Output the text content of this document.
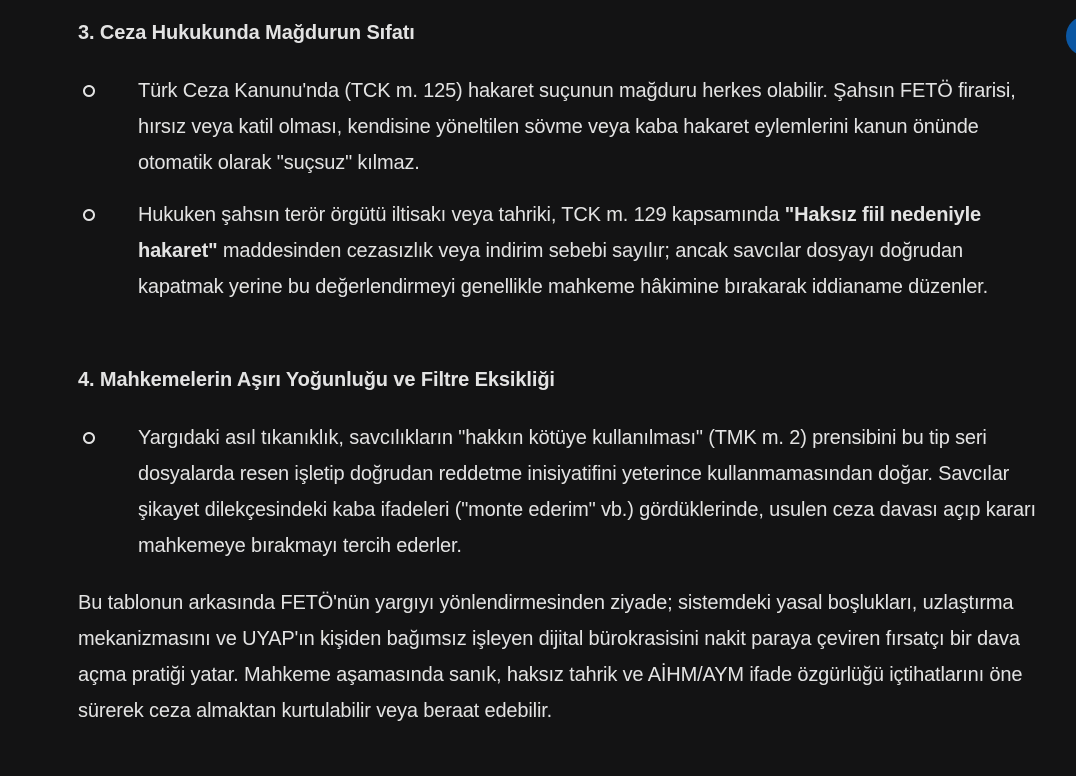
3. Ceza Hukukunda Mağdurun Sıfatı
Türk Ceza Kanunu'nda (TCK m. 125) hakaret suçunun mağduru herkes olabilir. Şahsın FETÖ firarisi, hırsız veya katil olması, kendisine yöneltilen sövme veya kaba hakaret eylemlerini kanun önünde otomatik olarak "suçsuz" kılmaz.
Hukuken şahsın terör örgütü iltisakı veya tahriki, TCK m. 129 kapsamında "Haksız fiil nedeniyle hakaret" maddesinden cezasızlık veya indirim sebebi sayılır; ancak savcılar dosyayı doğrudan kapatmak yerine bu değerlendirmeyi genellikle mahkeme hâkimine bırakarak iddianame düzenler.
4. Mahkemelerin Aşırı Yoğunluğu ve Filtre Eksikliği
Yargıdaki asıl tıkanıklık, savcılıkların "hakkın kötüye kullanılması" (TMK m. 2) prensibini bu tip seri dosyalarda resen işletip doğrudan reddetme inisiyatifini yeterince kullanmamasından doğar. Savcılar şikayet dilekçesindeki kaba ifadeleri ("monte ederim" vb.) gördüklerinde, usulen ceza davası açıp kararı mahkemeye bırakmayı tercih ederler.

Bu tablonun arkasında FETÖ'nün yargıyı yönlendirmesinden ziyade; sistemdeki yasal boşlukları, uzlaştırma mekanizmasını ve UYAP'ın kişiden bağımsız işleyen dijital bürokrasisini nakit paraya çeviren fırsatçı bir dava açma pratiği yatar. Mahkeme aşamasında sanık, haksız tahrik ve AİHM/AYM ifade özgürlüğü içtihatlarını öne sürerek ceza almaktan kurtulabilir veya beraat edebilir.
